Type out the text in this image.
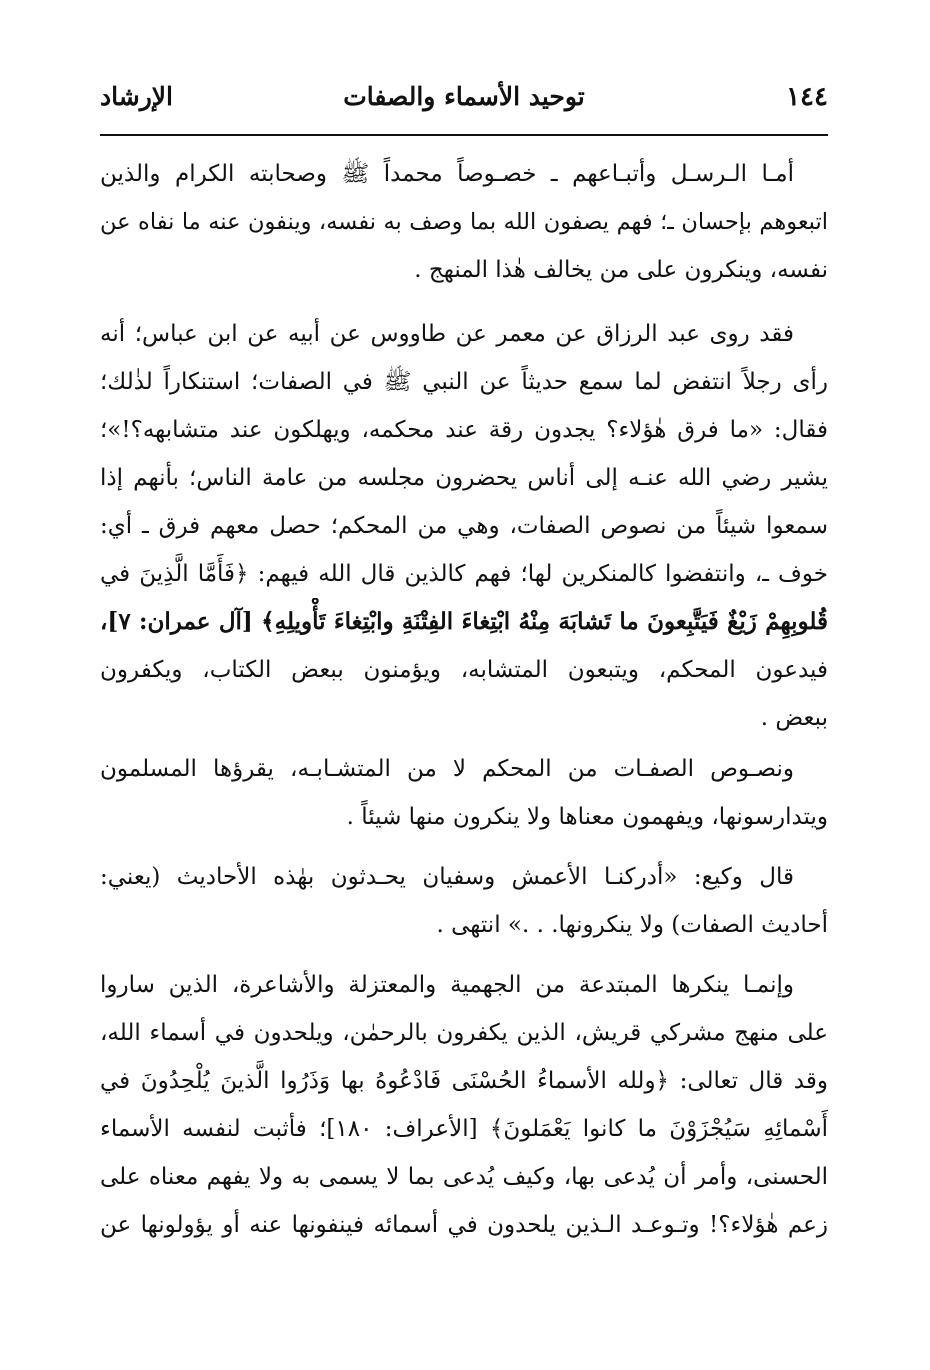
١٤٤
توحيد الأسماء والصفات
الإرشاد
أمـا الـرسـل وأتبـاعهم ـ خصـوصاً محمداً ﷺ وصحابته الكرام والذين
اتبعوهم بإحسان ـ؛ فهم يصفون الله بما وصف به نفسه، وينفون عنه ما نفاه عن
نفسه، وينكرون على من يخالف هٰذا المنهج .
فقد روى عبد الرزاق عن معمر عن طاووس عن أبيه عن ابن عباس؛ أنه
رأى رجلاً انتفض لما سمع حديثاً عن النبي ﷺ في الصفات؛ استنكاراً لذٰلك؛
فقال: «ما فرق هٰؤلاء؟ يجدون رقة عند محكمه، ويهلكون عند متشابهه؟!»؛
يشير رضي الله عنـه إلى أناس يحضرون مجلسه من عامة الناس؛ بأنهم إذا
سمعوا شيئاً من نصوص الصفات، وهي من المحكم؛ حصل معهم فرق ـ أي:
خوف ـ، وانتفضوا كالمنكرين لها؛ فهم كالذين قال الله فيهم: ﴿فَأَمَّا الَّذِينَ في
قُلوبِهِمْ زَيْغٌ فَيَتَّبِعونَ ما تَشابَهَ مِنْهُ ابْتِغاءَ الفِتْنَةِ وابْتِغاءَ تَأْويلِهِ﴾ [آل عمران: ٧]،
فيدعون المحكم، ويتبعون المتشابه، ويؤمنون ببعض الكتاب، ويكفرون
ببعض .
ونصـوص الصفـات من المحكم لا من المتشـابـه، يقرؤها المسلمون
ويتدارسونها، ويفهمون معناها ولا ينكرون منها شيئاً .
قال وكيع: «أدركنـا الأعمش وسفيان يحـدثون بهٰذه الأحاديث (يعني:
أحاديث الصفات) ولا ينكرونها. . .» انتهى .
وإنمـا ينكرها المبتدعة من الجهمية والمعتزلة والأشاعرة، الذين ساروا
على منهج مشركي قريش، الذين يكفرون بالرحمٰن، ويلحدون في أسماء الله،
وقد قال تعالى: ﴿ولله الأسماءُ الحُسْنَى فَادْعُوهُ بها وَذَرُوا الَّذينَ يُلْحِدُونَ في
أَسْمائِهِ سَيُجْزَوْنَ ما كانوا يَعْمَلونَ﴾ [الأعراف: ١٨٠]؛ فأثبت لنفسه الأسماء
الحسنى، وأمر أن يُدعى بها، وكيف يُدعى بما لا يسمى به ولا يفهم معناه على
زعم هٰؤلاء؟! وتـوعـد الـذين يلحدون في أسمائه فينفونها عنه أو يؤولونها عن
